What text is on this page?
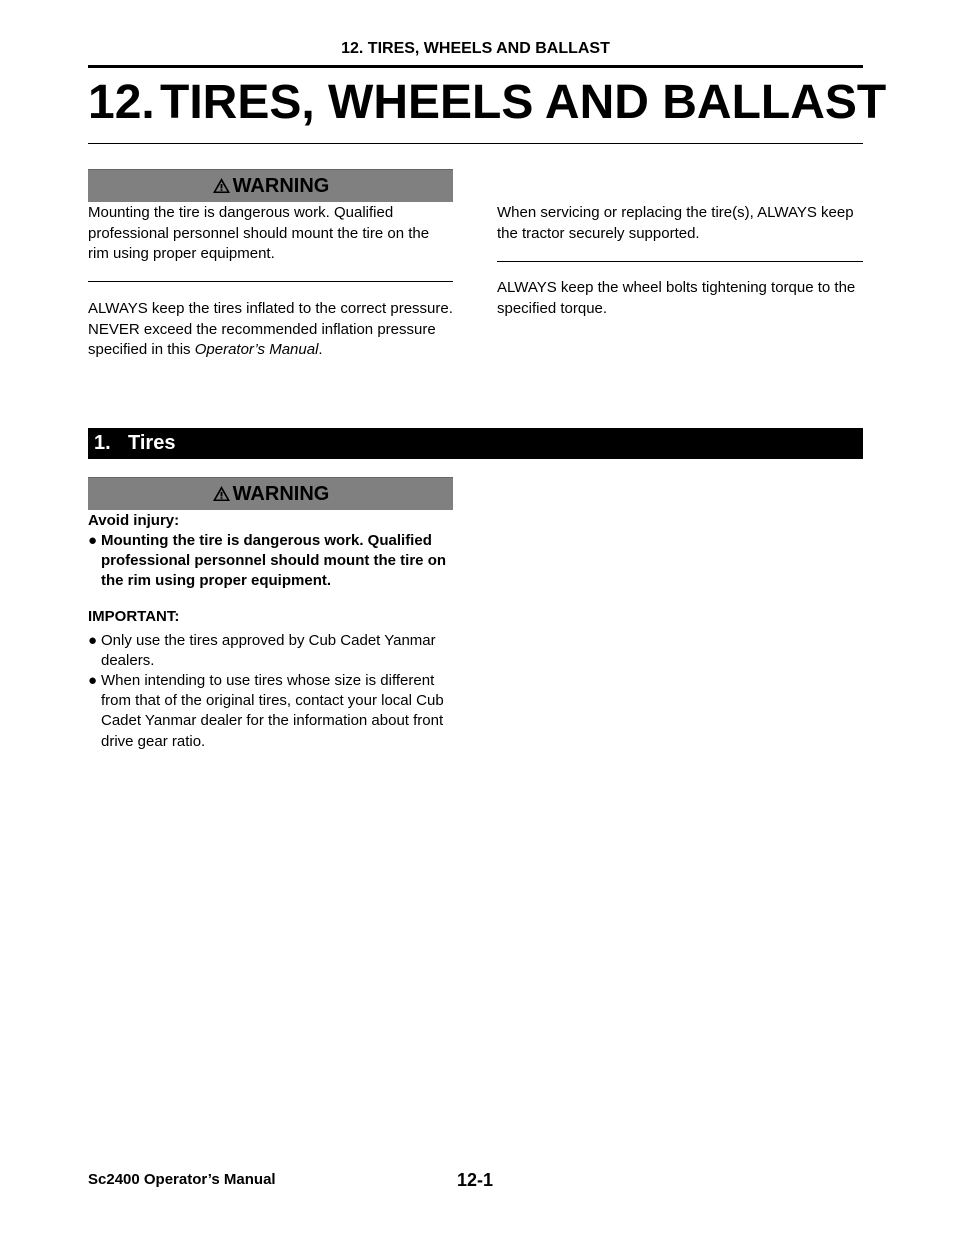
12. TIRES, WHEELS AND BALLAST
12. TIRES, WHEELS AND BALLAST
WARNING

Mounting the tire is dangerous work. Qualified professional personnel should mount the tire on the rim using proper equipment.

ALWAYS keep the tires inflated to the correct pressure. NEVER exceed the recommended inflation pressure specified in this Operator’s Manual.

When servicing or replacing the tire(s), ALWAYS keep the tractor securely supported.

ALWAYS keep the wheel bolts tightening torque to the specified torque.

1. Tires
WARNING

Avoid injury:

● Mounting the tire is dangerous work. Qualified professional personnel should mount the tire on the rim using proper equipment.

IMPORTANT:

● Only use the tires approved by Cub Cadet Yanmar dealers.
● When intending to use tires whose size is different from that of the original tires, contact your local Cub Cadet Yanmar dealer for the information about front drive gear ratio.
Sc2400 Operator’s Manual	12-1
